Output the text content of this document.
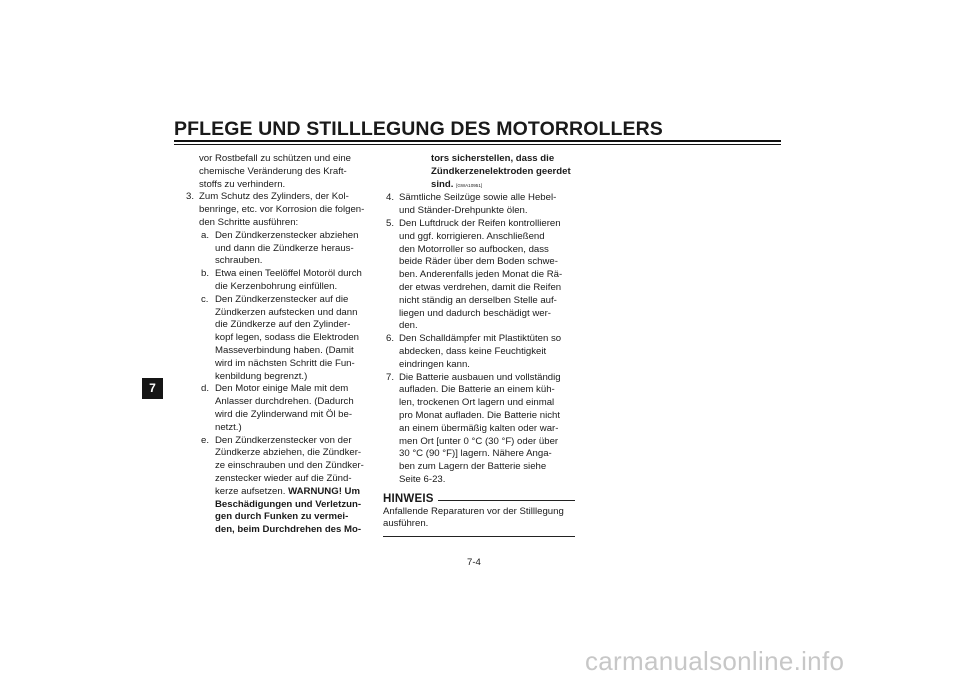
PFLEGE UND STILLLEGUNG DES MOTORROLLERS
7
vor Rostbefall zu schützen und eine
chemische Veränderung des Kraft-
stoffs zu verhindern.
3. Zum Schutz des Zylinders, der Kol-
benringe, etc. vor Korrosion die folgen-
den Schritte ausführen:
a. Den Zündkerzenstecker abziehen
und dann die Zündkerze heraus-
schrauben.
b. Etwa einen Teelöffel Motoröl durch
die Kerzenbohrung einfüllen.
c. Den Zündkerzenstecker auf die
Zündkerzen aufstecken und dann
die Zündkerze auf den Zylinder-
kopf legen, sodass die Elektroden
Masseverbindung haben. (Damit
wird im nächsten Schritt die Fun-
kenbildung begrenzt.)
d. Den Motor einige Male mit dem
Anlasser durchdrehen. (Dadurch
wird die Zylinderwand mit Öl be-
netzt.)
e. Den Zündkerzenstecker von der
Zündkerze abziehen, die Zündker-
ze einschrauben und den Zündker-
zenstecker wieder auf die Zünd-
kerze aufsetzen. WARNUNG! Um
Beschädigungen und Verletzun-
gen durch Funken zu vermei-
den, beim Durchdrehen des Mo-
tors sicherstellen, dass die
Zündkerzenelektroden geerdet
sind. [GWA10951]
4. Sämtliche Seilzüge sowie alle Hebel-
und Ständer-Drehpunkte ölen.
5. Den Luftdruck der Reifen kontrollieren
und ggf. korrigieren. Anschließend
den Motorroller so aufbocken, dass
beide Räder über dem Boden schwe-
ben. Anderenfalls jeden Monat die Rä-
der etwas verdrehen, damit die Reifen
nicht ständig an derselben Stelle auf-
liegen und dadurch beschädigt wer-
den.
6. Den Schalldämpfer mit Plastiktüten so
abdecken, dass keine Feuchtigkeit
eindringen kann.
7. Die Batterie ausbauen und vollständig
aufladen. Die Batterie an einem küh-
len, trockenen Ort lagern und einmal
pro Monat aufladen. Die Batterie nicht
an einem übermäßig kalten oder war-
men Ort [unter 0 °C (30 °F) oder über
30 °C (90 °F)] lagern. Nähere Anga-
ben zum Lagern der Batterie siehe
Seite 6-23.
HINWEIS
Anfallende Reparaturen vor der Stilllegung
ausführen.
7-4
carmanualsonline.info
